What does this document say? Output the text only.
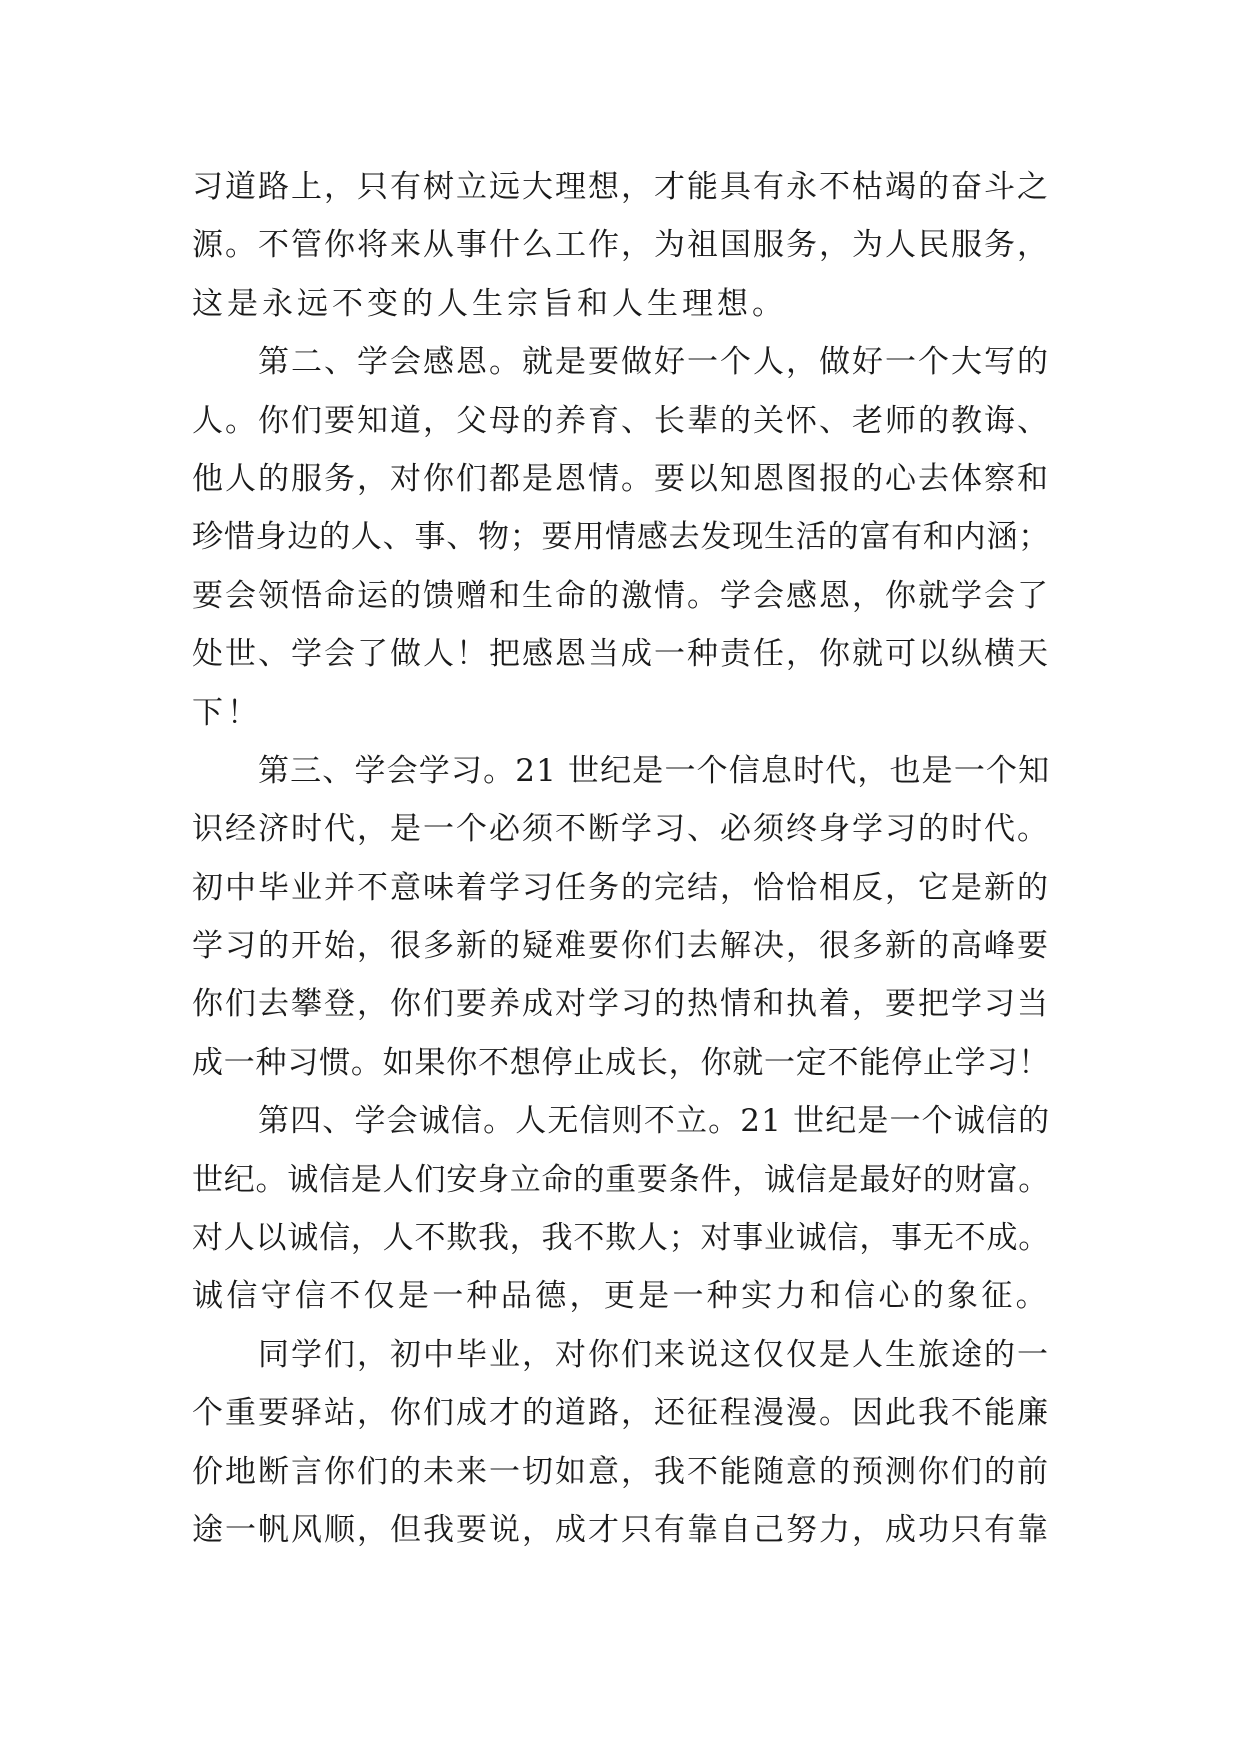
习道路上，只有树立远大理想，才能具有永不枯竭的奋斗之
源。不管你将来从事什么工作，为祖国服务，为人民服务，
这是永远不变的人生宗旨和人生理想。
第二、学会感恩。就是要做好一个人，做好一个大写的
人。你们要知道，父母的养育、长辈的关怀、老师的教诲、
他人的服务，对你们都是恩情。要以知恩图报的心去体察和
珍惜身边的人、事、物；要用情感去发现生活的富有和内涵；
要会领悟命运的馈赠和生命的激情。学会感恩，你就学会了
处世、学会了做人！把感恩当成一种责任，你就可以纵横天
下！
第三、学会学习。21 世纪是一个信息时代，也是一个知
识经济时代，是一个必须不断学习、必须终身学习的时代。
初中毕业并不意味着学习任务的完结，恰恰相反，它是新的
学习的开始，很多新的疑难要你们去解决，很多新的高峰要
你们去攀登，你们要养成对学习的热情和执着，要把学习当
成一种习惯。如果你不想停止成长，你就一定不能停止学习！
第四、学会诚信。人无信则不立。21 世纪是一个诚信的
世纪。诚信是人们安身立命的重要条件，诚信是最好的财富。
对人以诚信，人不欺我，我不欺人；对事业诚信，事无不成。
诚信守信不仅是一种品德，更是一种实力和信心的象征。
同学们，初中毕业，对你们来说这仅仅是人生旅途的一
个重要驿站，你们成才的道路，还征程漫漫。因此我不能廉
价地断言你们的未来一切如意，我不能随意的预测你们的前
途一帆风顺，但我要说，成才只有靠自己努力，成功只有靠
